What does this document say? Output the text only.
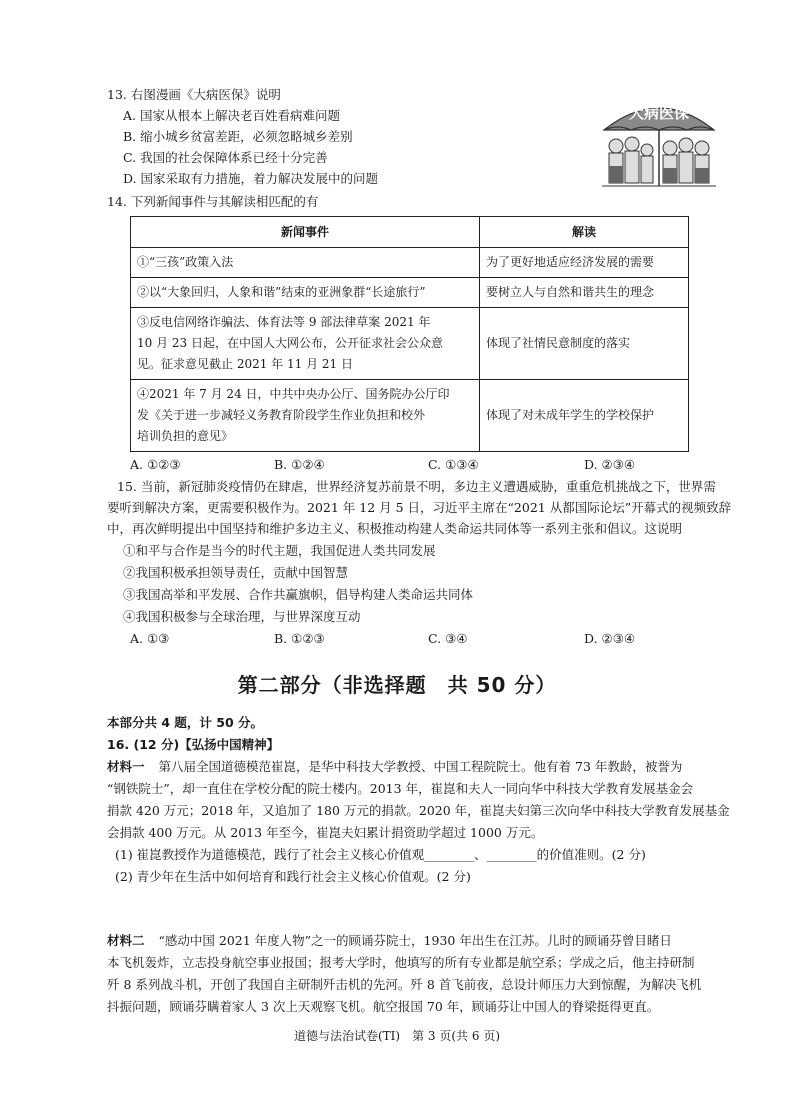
13. 右图漫画《大病医保》说明
A. 国家从根本上解决老百姓看病难问题
B. 缩小城乡贫富差距，必须忽略城乡差别
C. 我国的社会保障体系已经十分完善
D. 国家采取有力措施，着力解决发展中的问题
大病医保
14. 下列新闻事件与其解读相匹配的有
新闻事件	解读
①“三孩”政策入法	为了更好地适应经济发展的需要
②以“大象回归，人象和谐”结束的亚洲象群“长途旅行”	要树立人与自然和谐共生的理念

③反电信网络诈骗法、体育法等 9 部法律草案 2021 年
10 月 23 日起，在中国人大网公布，公开征求社会公众意
见。征求意见截止 2021 年 11 月 21 日	体现了社情民意制度的落实

④2021 年 7 月 24 日，中共中央办公厅、国务院办公厅印
发《关于进一步减轻义务教育阶段学生作业负担和校外
培训负担的意见》	体现了对未成年学生的学校保护
A. ①②③	B. ①②④	C. ①③④	D. ②③④
15. 当前，新冠肺炎疫情仍在肆虐，世界经济复苏前景不明，多边主义遭遇威胁，重重危机挑战之下，世界需
要听到解决方案，更需要积极作为。2021 年 12 月 5 日，习近平主席在“2021 从都国际论坛”开幕式的视频致辞
中，再次鲜明提出中国坚持和维护多边主义、积极推动构建人类命运共同体等一系列主张和倡议。这说明
①和平与合作是当今的时代主题，我国促进人类共同发展
②我国积极承担领导责任，贡献中国智慧
③我国高举和平发展、合作共赢旗帜，倡导构建人类命运共同体
④我国积极参与全球治理，与世界深度互动
A. ①③	B. ①②③	C. ③④	D. ②③④
第二部分（非选择题　共 50 分）
本部分共 4 题，计 50 分。
16. (12 分)【弘扬中国精神】
材料一 第八届全国道德模范崔崑，是华中科技大学教授、中国工程院院士。他有着 73 年教龄，被誉为
“钢铁院士”，却一直住在学校分配的院士楼内。2013 年，崔崑和夫人一同向华中科技大学教育发展基金会
捐款 420 万元；2018 年，又追加了 180 万元的捐款。2020 年，崔崑夫妇第三次向华中科技大学教育发展基金
会捐款 400 万元。从 2013 年至今，崔崑夫妇累计捐资助学超过 1000 万元。
(1) 崔崑教授作为道德模范，践行了社会主义核心价值观________、________的价值准则。(2 分)
(2) 青少年在生活中如何培育和践行社会主义核心价值观。(2 分)
材料二 “感动中国 2021 年度人物”之一的顾诵芬院士，1930 年出生在江苏。儿时的顾诵芬曾目睹日
本飞机轰炸，立志投身航空事业报国；报考大学时，他填写的所有专业都是航空系；学成之后，他主持研制
歼 8 系列战斗机，开创了我国自主研制歼击机的先河。歼 8 首飞前夜，总设计师压力大到惊醒，为解决飞机
抖振问题，顾诵芬瞒着家人 3 次上天观察飞机。航空报国 70 年，顾诵芬让中国人的脊梁挺得更直。
道德与法治试卷(TI)　第 3 页(共 6 页)
